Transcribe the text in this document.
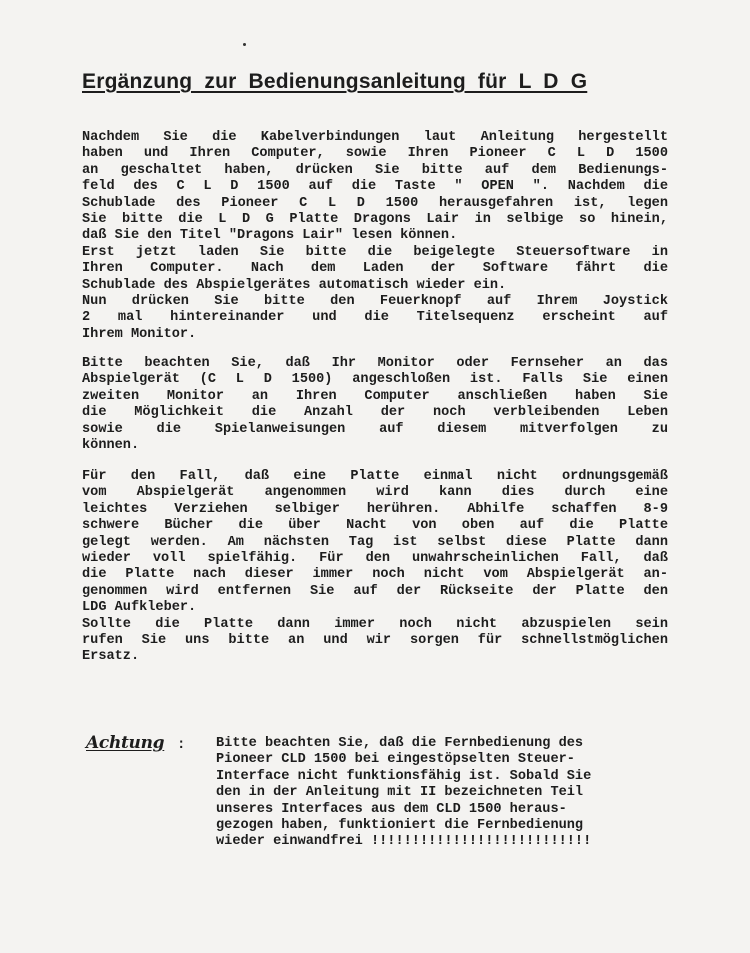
Ergänzung  zur  Bedienungsanleitung  für  L  D  G
Nachdem Sie die Kabelverbindungen laut Anleitung hergestellt
haben und Ihren Computer, sowie Ihren Pioneer C L D 1500
an geschaltet haben, drücken Sie bitte auf dem Bedienungs-
feld des C L D 1500 auf die Taste " OPEN ". Nachdem die
Schublade des Pioneer C L D 1500 herausgefahren ist, legen
Sie bitte die L D G Platte Dragons Lair in selbige so hinein,
daß Sie den Titel "Dragons Lair" lesen können.
Erst jetzt laden Sie bitte die beigelegte Steuersoftware in
Ihren Computer. Nach dem Laden der Software fährt die
Schublade des Abspielgerätes automatisch wieder ein.
Nun drücken Sie bitte den Feuerknopf auf Ihrem Joystick
2 mal hintereinander und die Titelsequenz erscheint auf
Ihrem Monitor.
Bitte beachten Sie, daß Ihr Monitor oder Fernseher an das
Abspielgerät (C L D 1500) angeschloßen ist. Falls Sie einen
zweiten Monitor an Ihren Computer anschließen haben Sie
die Möglichkeit die Anzahl der noch verbleibenden Leben
sowie die Spielanweisungen auf diesem mitverfolgen zu
können.
Für den Fall, daß eine Platte einmal nicht ordnungsgemäß
vom Abspielgerät angenommen wird kann dies durch eine
leichtes Verziehen selbiger herühren. Abhilfe schaffen 8-9
schwere Bücher die über Nacht von oben auf die Platte
gelegt werden. Am nächsten Tag ist selbst diese Platte dann
wieder voll spielfähig. Für den unwahrscheinlichen Fall, daß
die Platte nach dieser immer noch nicht vom Abspielgerät an-
genommen wird entfernen Sie auf der Rückseite der Platte den
LDG Aufkleber.
Sollte die Platte dann immer noch nicht abzuspielen sein
rufen Sie uns bitte an und wir sorgen für schnellstmöglichen
Ersatz.
Achtung : Bitte beachten Sie, daß die Fernbedienung des
Pioneer CLD 1500 bei eingestöpselten Steuer-
Interface nicht funktionsfähig ist. Sobald Sie
den in der Anleitung mit II bezeichneten Teil
unseres Interfaces aus dem CLD 1500 heraus-
gezogen haben, funktioniert die Fernbedienung
wieder einwandfrei !!!!!!!!!!!!!!!!!!!!!!!!!!!
